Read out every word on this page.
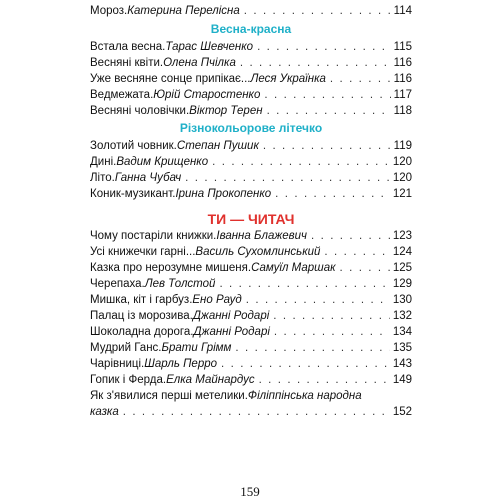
Мороз. Катерина Перелісна . . .	114
Весна-красна
Встала весна. Тарас Шевченко . . .	115
Весняні квіти. Олена Пчілка . . .	116
Уже весняне сонце припікає... Леся Українка . . .	116
Ведмежата. Юрій Старостенко . . .	117
Весняні чоловічки. Віктор Терен . . .	118
Різнокольорове літечко
Золотий човник. Степан Пушик . . .	119
Дині. Вадим Крищенко . . .	120
Літо. Ганна Чубач . . .	120
Коник-музикант. Ірина Прокопенко . . .	121
ТИ — ЧИТАЧ
Чому постаріли книжки. Іванна Блажевич . . .	123
Усі книжечки гарні... Василь Сухомлинський . . .	124
Казка про нерозумне мишеня. Самуїл Маршак . . .	125
Черепаха. Лев Толстой . . .	129
Мишка, кіт і гарбуз. Ено Рауд . . .	130
Палац із морозива. Джанні Родарі . . .	132
Шоколадна дорога. Джанні Родарі . . .	134
Мудрий Ганс. Брати Грімм . . .	135
Чарівниці. Шарль Перро . . .	143
Гопик і Ферда. Елка Майнардус . . .	149
Як з'явилися перші метелики. Філіппінська народна
казка . . .	152
159
